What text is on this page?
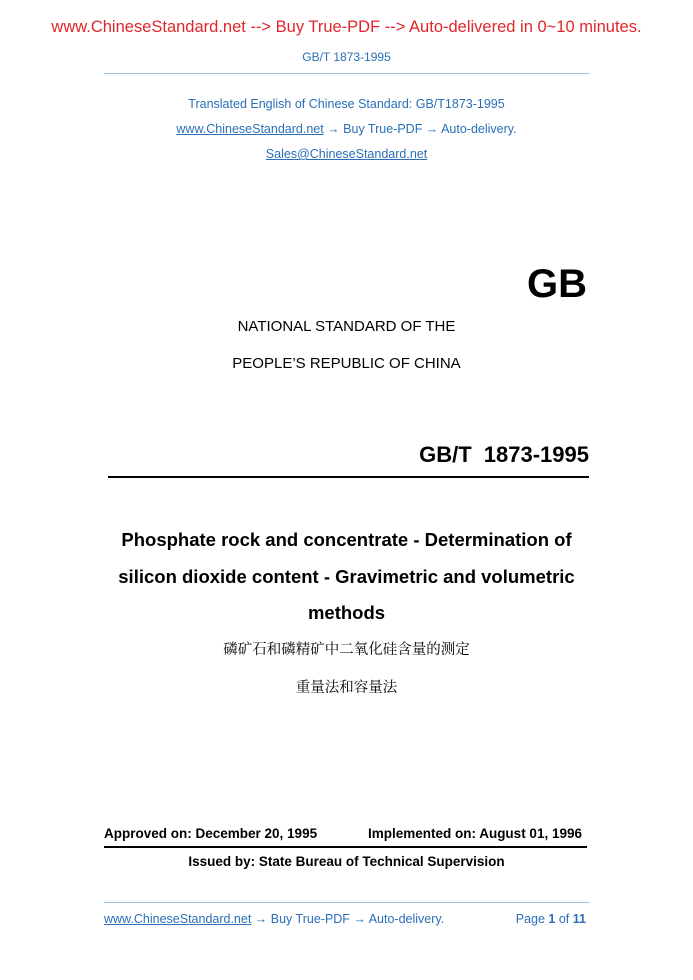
www.ChineseStandard.net --> Buy True-PDF --> Auto-delivered in 0~10 minutes.
GB/T 1873-1995
Translated English of Chinese Standard: GB/T1873-1995
www.ChineseStandard.net → Buy True-PDF → Auto-delivery.
Sales@ChineseStandard.net
GB
NATIONAL STANDARD OF THE
PEOPLE’S REPUBLIC OF CHINA
GB/T 1873-1995
Phosphate rock and concentrate - Determination of
silicon dioxide content - Gravimetric and volumetric
methods
磷矿石和磷精矿中二氧化硅含量的测定
重量法和容量法
Approved on: December 20, 1995	Implemented on: August 01, 1996
Issued by: State Bureau of Technical Supervision
www.ChineseStandard.net → Buy True-PDF → Auto-delivery.	Page 1 of 11
